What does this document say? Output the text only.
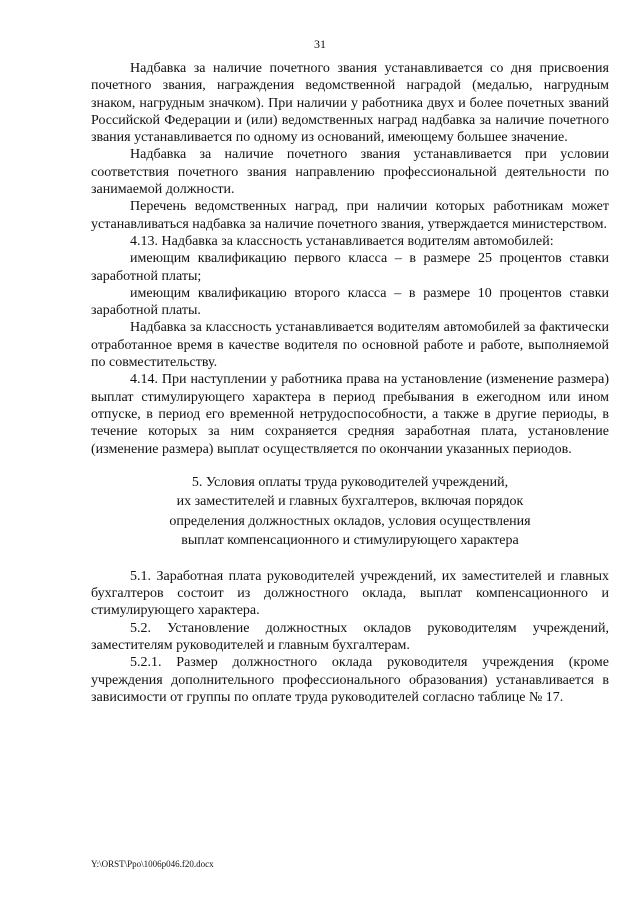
31

Надбавка за наличие почетного звания устанавливается со дня присвоения почетного звания, награждения ведомственной наградой (медалью, нагрудным знаком, нагрудным значком). При наличии у работника двух и более почетных званий Российской Федерации и (или) ведомственных наград надбавка за наличие почетного звания устанавливается по одному из оснований, имеющему большее значение.

Надбавка за наличие почетного звания устанавливается при условии соответствия почетного звания направлению профессиональной деятельности по занимаемой должности.

Перечень ведомственных наград, при наличии которых работникам может устанавливаться надбавка за наличие почетного звания, утверждается министерством.

4.13. Надбавка за классность устанавливается водителям автомобилей:

имеющим квалификацию первого класса – в размере 25 процентов ставки заработной платы;

имеющим квалификацию второго класса – в размере 10 процентов ставки заработной платы.

Надбавка за классность устанавливается водителям автомобилей за фактически отработанное время в качестве водителя по основной работе и работе, выполняемой по совместительству.

4.14. При наступлении у работника права на установление (изменение размера) выплат стимулирующего характера в период пребывания в ежегодном или ином отпуске, в период его временной нетрудоспособности, а также в другие периоды, в течение которых за ним сохраняется средняя заработная плата, установление (изменение размера) выплат осуществляется по окончании указанных периодов.

5. Условия оплаты труда руководителей учреждений,
их заместителей и главных бухгалтеров, включая порядок
определения должностных окладов, условия осуществления
выплат компенсационного и стимулирующего характера

5.1. Заработная плата руководителей учреждений, их заместителей и главных бухгалтеров состоит из должностного оклада, выплат компенсационного и стимулирующего характера.

5.2. Установление должностных окладов руководителям учреждений, заместителям руководителей и главным бухгалтерам.

5.2.1. Размер должностного оклада руководителя учреждения (кроме учреждения дополнительного профессионального образования) устанавливается в зависимости от группы по оплате труда руководителей согласно таблице № 17.

Y:\ORST\Ppo\1006p046.f20.docx
